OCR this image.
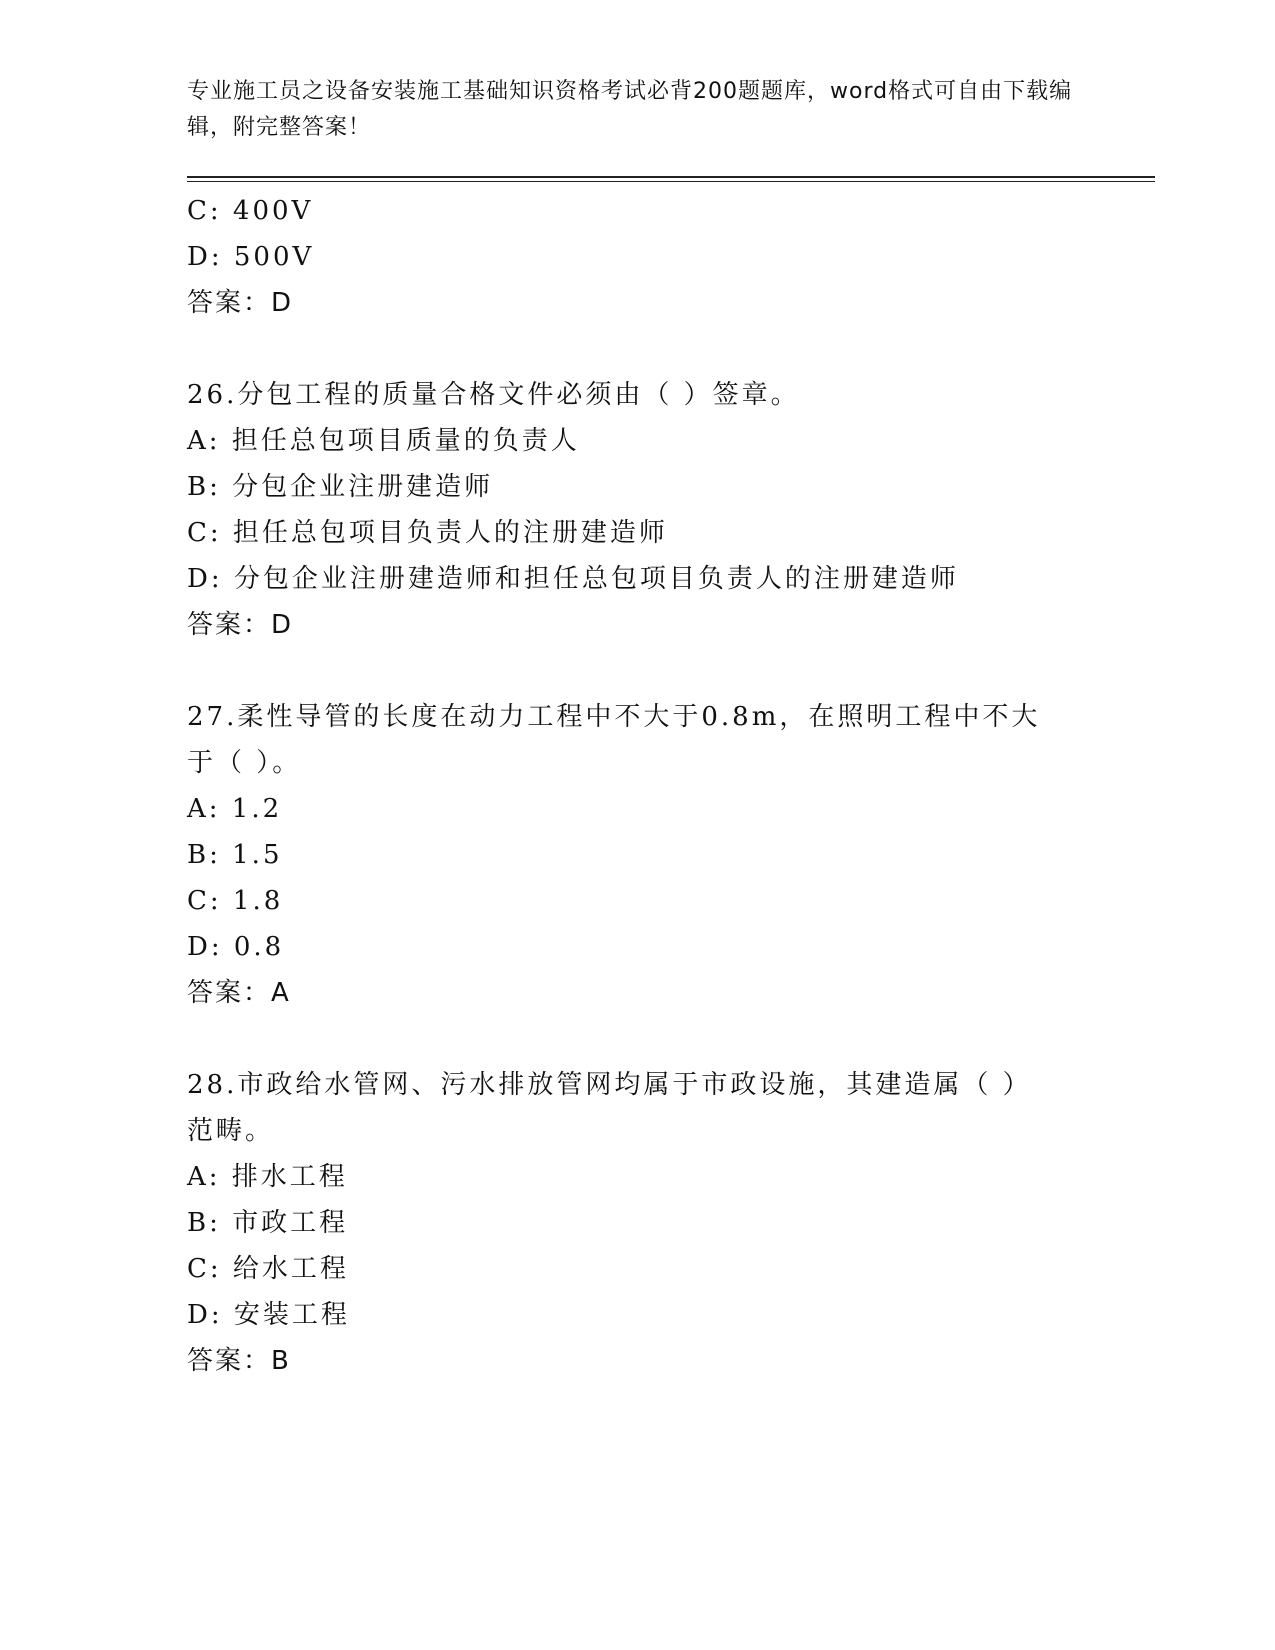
专业施工员之设备安装施工基础知识资格考试必背200题题库，word格式可自由下载编辑，附完整答案！
C: 400V
D: 500V
答案：D
26.分包工程的质量合格文件必须由（ ）签章。
A: 担任总包项目质量的负责人
B: 分包企业注册建造师
C: 担任总包项目负责人的注册建造师
D: 分包企业注册建造师和担任总包项目负责人的注册建造师
答案：D
27.柔性导管的长度在动力工程中不大于0.8m，在照明工程中不大于（ ）。
A: 1.2
B: 1.5
C: 1.8
D: 0.8
答案：A
28.市政给水管网、污水排放管网均属于市政设施，其建造属（ ）范畴。
A: 排水工程
B: 市政工程
C: 给水工程
D: 安装工程
答案：B
